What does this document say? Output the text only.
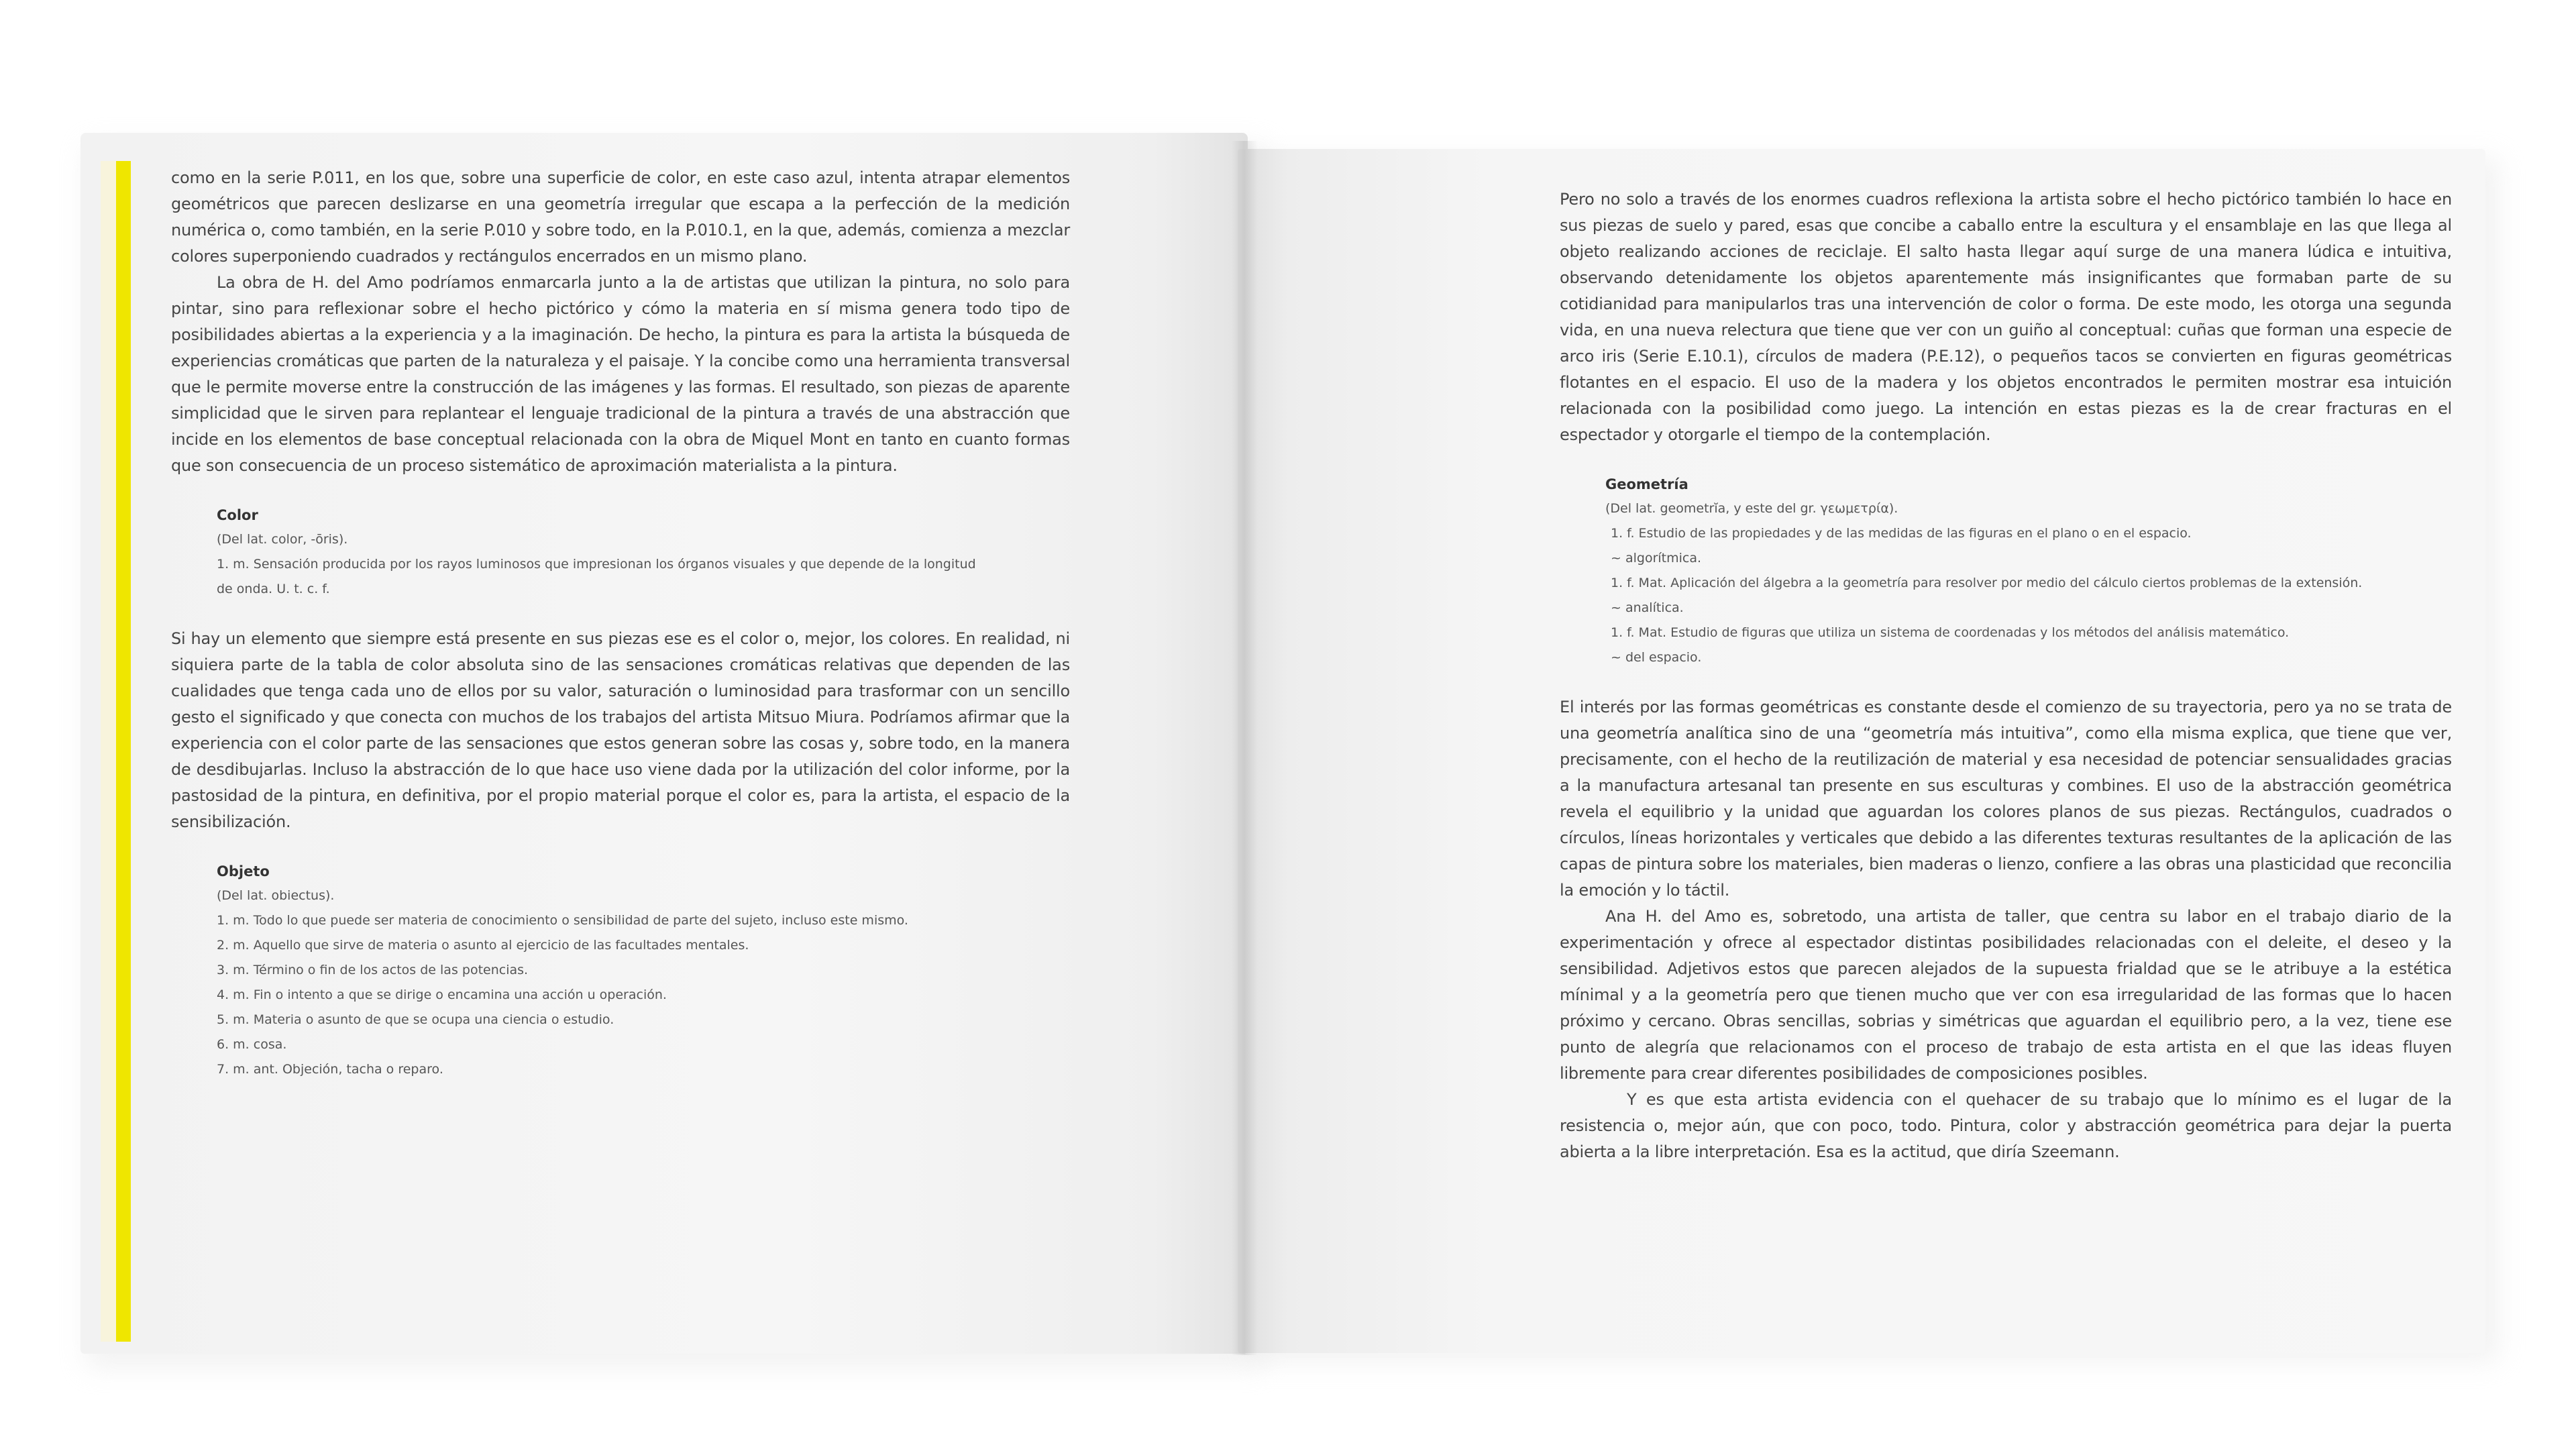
como en la serie P.011, en los que, sobre una superficie de color, en este caso azul, intenta atrapar elementos geométricos que parecen deslizarse en una geometría irregular que escapa a la perfección de la medición numérica o, como también, en la serie P.010 y sobre todo, en la P.010.1, en la que, además, comienza a mezclar colores superponiendo cuadrados y rectángulos encerrados en un mismo plano.

La obra de H. del Amo podríamos enmarcarla junto a la de artistas que utilizan la pintura, no solo para pintar, sino para reflexionar sobre el hecho pictórico y cómo la materia en sí misma genera todo tipo de posibilidades abiertas a la experiencia y a la imaginación. De hecho, la pintura es para la artista la búsqueda de experiencias cromáticas que parten de la naturaleza y el paisaje. Y la concibe como una herramienta transversal que le permite moverse entre la construcción de las imágenes y las formas. El resultado, son piezas de aparente simplicidad que le sirven para replantear el lenguaje tradicional de la pintura a través de una abstracción que incide en los elementos de base conceptual relacionada con la obra de Miquel Mont en tanto en cuanto formas que son consecuencia de un proceso sistemático de aproximación materialista a la pintura.

Color
(Del lat. color, -ōris).
1. m. Sensación producida por los rayos luminosos que impresionan los órganos visuales y que depende de la longitud
de onda. U. t. c. f.

Si hay un elemento que siempre está presente en sus piezas ese es el color o, mejor, los colores. En realidad, ni siquiera parte de la tabla de color absoluta sino de las sensaciones cromáticas relativas que dependen de las cualidades que tenga cada uno de ellos por su valor, saturación o luminosidad para trasformar con un sencillo gesto el significado y que conecta con muchos de los trabajos del artista Mitsuo Miura. Podríamos afirmar que la experiencia con el color parte de las sensaciones que estos generan sobre las cosas y, sobre todo, en la manera de desdibujarlas. Incluso la abstracción de lo que hace uso viene dada por la utilización del color informe, por la pastosidad de la pintura, en definitiva, por el propio material porque el color es, para la artista, el espacio de la sensibilización.

Objeto
(Del lat. obiectus).
1. m. Todo lo que puede ser materia de conocimiento o sensibilidad de parte del sujeto, incluso este mismo.
2. m. Aquello que sirve de materia o asunto al ejercicio de las facultades mentales.
3. m. Término o fin de los actos de las potencias.
4. m. Fin o intento a que se dirige o encamina una acción u operación.
5. m. Materia o asunto de que se ocupa una ciencia o estudio.
6. m. cosa.
7. m. ant. Objeción, tacha o reparo.

Pero no solo a través de los enormes cuadros reflexiona la artista sobre el hecho pictórico también lo hace en sus piezas de suelo y pared, esas que concibe a caballo entre la escultura y el ensamblaje en las que llega al objeto realizando acciones de reciclaje. El salto hasta llegar aquí surge de una manera lúdica e intuitiva, observando detenidamente los objetos aparentemente más insignificantes que formaban parte de su cotidianidad para manipularlos tras una intervención de color o forma. De este modo, les otorga una segunda vida, en una nueva relectura que tiene que ver con un guiño al conceptual: cuñas que forman una especie de arco iris (Serie E.10.1), círculos de madera (P.E.12), o pequeños tacos se convierten en figuras geométricas flotantes en el espacio. El uso de la madera y los objetos encontrados le permiten mostrar esa intuición relacionada con la posibilidad como juego. La intención en estas piezas es la de crear fracturas en el espectador y otorgarle el tiempo de la contemplación.

Geometría
(Del lat. geometrĭa, y este del gr. γεωμετρία).
1. f. Estudio de las propiedades y de las medidas de las figuras en el plano o en el espacio.
~ algorítmica.
1. f. Mat. Aplicación del álgebra a la geometría para resolver por medio del cálculo ciertos problemas de la extensión.
~ analítica.
1. f. Mat. Estudio de figuras que utiliza un sistema de coordenadas y los métodos del análisis matemático.
~ del espacio.

El interés por las formas geométricas es constante desde el comienzo de su trayectoria, pero ya no se trata de una geometría analítica sino de una “geometría más intuitiva”, como ella misma explica, que tiene que ver, precisamente, con el hecho de la reutilización de material y esa necesidad de potenciar sensualidades gracias a la manufactura artesanal tan presente en sus esculturas y combines. El uso de la abstracción geométrica revela el equilibrio y la unidad que aguardan los colores planos de sus piezas. Rectángulos, cuadrados o círculos, líneas horizontales y verticales que debido a las diferentes texturas resultantes de la aplicación de las capas de pintura sobre los materiales, bien maderas o lienzo, confiere a las obras una plasticidad que reconcilia la emoción y lo táctil.

Ana H. del Amo es, sobretodo, una artista de taller, que centra su labor en el trabajo diario de la experimentación y ofrece al espectador distintas posibilidades relacionadas con el deleite, el deseo y la sensibilidad. Adjetivos estos que parecen alejados de la supuesta frialdad que se le atribuye a la estética mínimal y a la geometría pero que tienen mucho que ver con esa irregularidad de las formas que lo hacen próximo y cercano. Obras sencillas, sobrias y simétricas que aguardan el equilibrio pero, a la vez, tiene ese punto de alegría que relacionamos con el proceso de trabajo de esta artista en el que las ideas fluyen libremente para crear diferentes posibilidades de composiciones posibles.

Y es que esta artista evidencia con el quehacer de su trabajo que lo mínimo es el lugar de la resistencia o, mejor aún, que con poco, todo. Pintura, color y abstracción geométrica para dejar la puerta abierta a la libre interpretación. Esa es la actitud, que diría Szeemann.
